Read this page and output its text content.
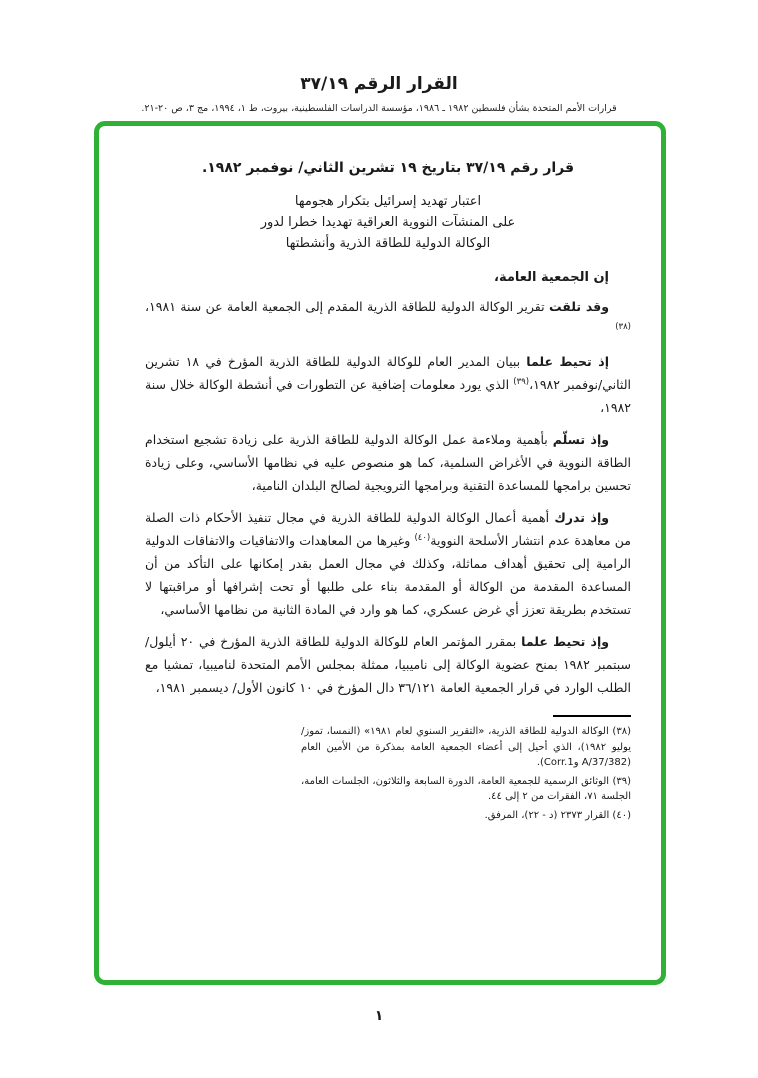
القرار الرقم ٣٧/١٩
قرارات الأمم المتحدة بشأن فلسطين ١٩٨٢ ـ ١٩٨٦، مؤسسة الدراسات الفلسطينية، بيروت، ط ١، ١٩٩٤، مج ٣، ص ٢٠-٢١.
قرار رقم ٣٧/١٩ بتاريخ ١٩ تشرين الثاني/ نوفمبر ١٩٨٢.
اعتبار تهديد إسرائيل بتكرار هجومها
على المنشآت النووية العراقية تهديدا خطرا لدور
الوكالة الدولية للطاقة الذرية وأنشطتها
إن الجمعية العامة،

وقد تلقت تقرير الوكالة الدولية للطاقة الذرية المقدم إلى الجمعية العامة عن سنة ١٩٨١،$^{(٣٨)}$

إذ تحيط علما ببيان المدير العام للوكالة الدولية للطاقة الذرية المؤرخ في ١٨ تشرين الثاني/نوفمبر ١٩٨٢،$^{(٣٩)}$ الذي يورد معلومات إضافية عن التطورات في أنشطة الوكالة خلال سنة ١٩٨٢،

وإذ تسلّم بأهمية وملاءمة عمل الوكالة الدولية للطاقة الذرية على زيادة تشجيع استخدام الطاقة النووية في الأغراض السلمية، كما هو منصوص عليه في نظامها الأساسي، وعلى زيادة تحسين برامجها للمساعدة التقنية وبرامجها الترويجية لصالح البلدان النامية،

وإذ تدرك أهمية أعمال الوكالة الدولية للطاقة الذرية في مجال تنفيذ الأحكام ذات الصلة من معاهدة عدم انتشار الأسلحة النووية$^{(٤٠)}$ وغيرها من المعاهدات والاتفاقيات والاتفاقات الدولية الرامية إلى تحقيق أهداف مماثلة، وكذلك في مجال العمل بقدر إمكانها على التأكد من أن المساعدة المقدمة من الوكالة أو المقدمة بناء على طلبها أو تحت إشرافها أو مراقبتها لا تستخدم بطريقة تعزز أي غرض عسكري، كما هو وارد في المادة الثانية من نظامها الأساسي،

وإذ تحيط علما بمقرر المؤتمر العام للوكالة الدولية للطاقة الذرية المؤرخ في ٢٠ أيلول/سبتمبر ١٩٨٢ بمنح عضوية الوكالة إلى ناميبيا، ممثلة بمجلس الأمم المتحدة لناميبيا، تمشيا مع الطلب الوارد في قرار الجمعية العامة ٣٦/١٢١ دال المؤرخ في ١٠ كانون الأول/ ديسمبر ١٩٨١،

(٣٨) الوكالة الدولية للطاقة الذرية، «التقرير السنوي لعام ١٩٨١» (النمسا، تموز/يوليو ١٩٨٢)، الذي أحيل إلى أعضاء الجمعية العامة بمذكرة من الأمين العام (A/37/382 وCorr.1).

(٣٩) الوثائق الرسمية للجمعية العامة، الدورة السابعة والثلاثون، الجلسات العامة، الجلسة ٧١، الفقرات من ٢ إلى ٤٤.

(٤٠) القرار ٢٣٧٣ (د - ٢٢)، المرفق.

١
